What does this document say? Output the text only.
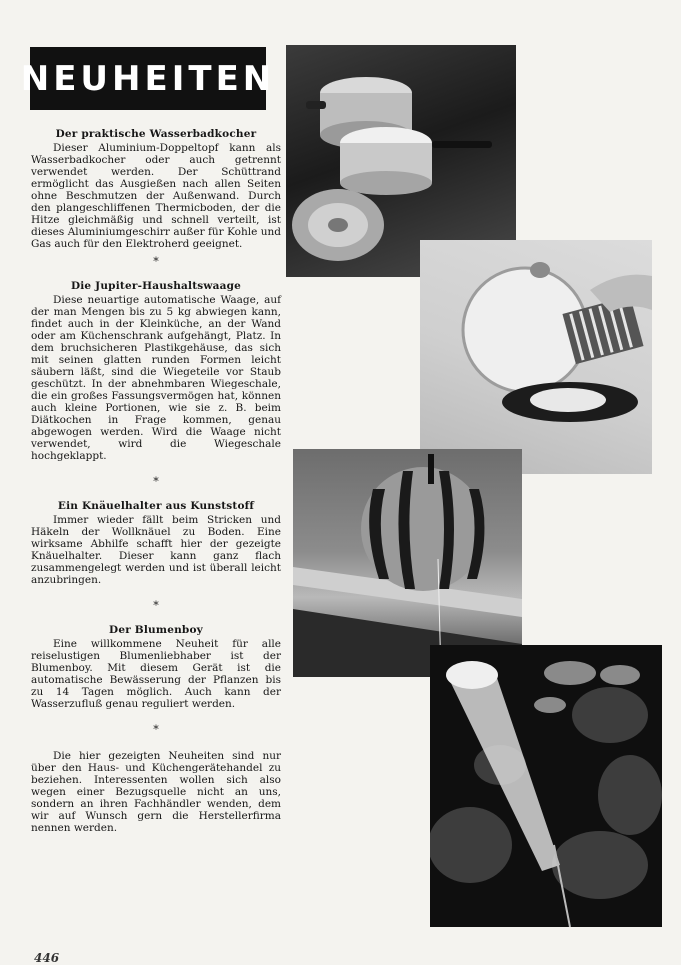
NEUHEITEN
Der praktische Wasserbadkocher

Dieser Aluminium-Doppeltopf kann als Wasserbadkocher oder auch getrennt verwendet werden. Der Schüttrand ermöglicht das Ausgießen nach allen Seiten ohne Beschmutzen der Außenwand. Durch den plangeschliffenen Thermicboden, der die Hitze gleichmäßig und schnell verteilt, ist dieses Aluminiumgeschirr außer für Kohle und Gas auch für den Elektroherd geeignet.

*

Die Jupiter-Haushaltswaage

Diese neuartige automatische Waage, auf der man Mengen bis zu 5 kg abwiegen kann, findet auch in der Kleinküche, an der Wand oder am Küchenschrank aufgehängt, Platz. In dem bruchsicheren Plastikgehäuse, das sich mit seinen glatten runden Formen leicht säubern läßt, sind die Wiegeteile vor Staub geschützt. In der abnehmbaren Wiegeschale, die ein großes Fassungsvermögen hat, können auch kleine Portionen, wie sie z. B. beim Diätkochen in Frage kommen, genau abgewogen werden. Wird die Waage nicht verwendet, wird die Wiegeschale hochgeklappt.

*

Ein Knäuelhalter aus Kunststoff

Immer wieder fällt beim Stricken und Häkeln der Wollknäuel zu Boden. Eine wirksame Abhilfe schafft hier der gezeigte Knäuelhalter. Dieser kann ganz flach zusammengelegt werden und ist überall leicht anzubringen.

*

Der Blumenboy

Eine willkommene Neuheit für alle reiselustigen Blumenliebhaber ist der Blumenboy. Mit diesem Gerät ist die automatische Bewässerung der Pflanzen bis zu 14 Tagen möglich. Auch kann der Wasserzufluß genau reguliert werden.

*

Die hier gezeigten Neuheiten sind nur über den Haus- und Küchengerätehandel zu beziehen. Interessenten wollen sich also wegen einer Bezugsquelle nicht an uns, sondern an ihren Fachhändler wenden, dem wir auf Wunsch gern die Herstellerfirma nennen werden.

446
